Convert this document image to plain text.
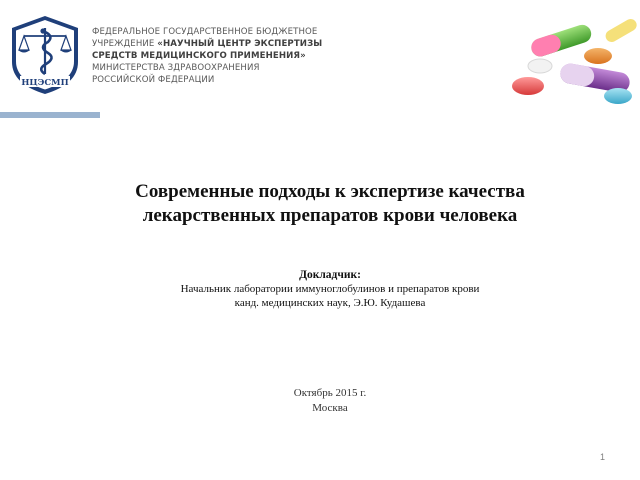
НЦЭСМП
ФЕДЕРАЛЬНОЕ ГОСУДАРСТВЕННОЕ БЮДЖЕТНОЕ
УЧРЕЖДЕНИЕ «НАУЧНЫЙ ЦЕНТР ЭКСПЕРТИЗЫ
СРЕДСТВ МЕДИЦИНСКОГО ПРИМЕНЕНИЯ»
МИНИСТЕРСТВА ЗДРАВООХРАНЕНИЯ
РОССИЙСКОЙ ФЕДЕРАЦИИ
Современные подходы к экспертизе качества
лекарственных препаратов крови человека
Докладчик:
Начальник лаборатории иммуноглобулинов и препаратов крови
канд. медицинских наук, Э.Ю. Кудашева
Октябрь 2015 г.
Москва
1
